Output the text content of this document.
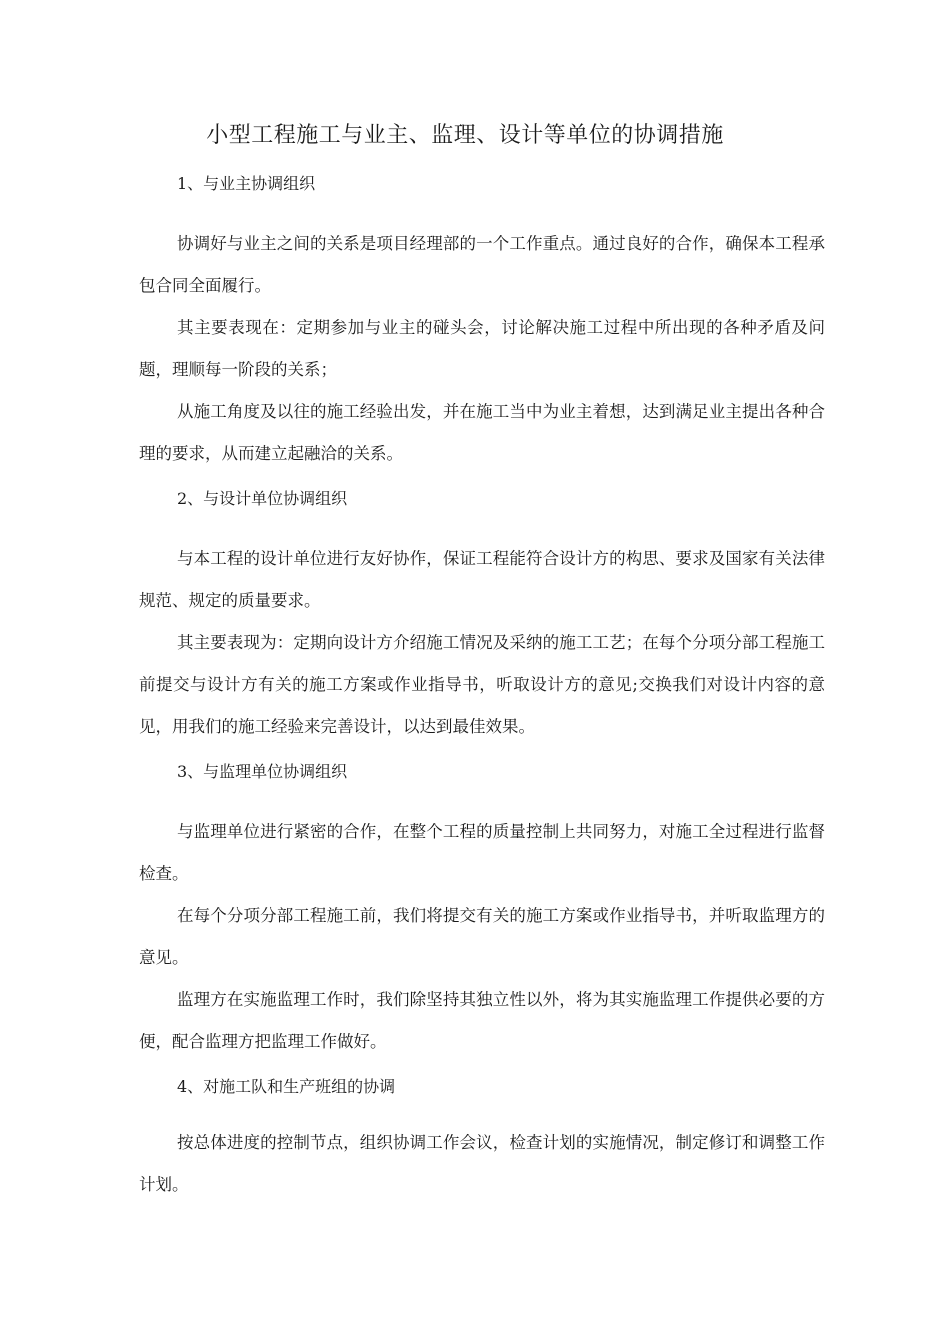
小型工程施工与业主、监理、设计等单位的协调措施
1、与业主协调组织

协调好与业主之间的关系是项目经理部的一个工作重点。通过良好的合作，确保本工程承包合同全面履行。

其主要表现在：定期参加与业主的碰头会，讨论解决施工过程中所出现的各种矛盾及问题，理顺每一阶段的关系；

从施工角度及以往的施工经验出发，并在施工当中为业主着想，达到满足业主提出各种合理的要求，从而建立起融洽的关系。

2、与设计单位协调组织

与本工程的设计单位进行友好协作，保证工程能符合设计方的构思、要求及国家有关法律规范、规定的质量要求。

其主要表现为：定期向设计方介绍施工情况及采纳的施工工艺；在每个分项分部工程施工前提交与设计方有关的施工方案或作业指导书，听取设计方的意见;交换我们对设计内容的意见，用我们的施工经验来完善设计，以达到最佳效果。

3、与监理单位协调组织

与监理单位进行紧密的合作，在整个工程的质量控制上共同努力，对施工全过程进行监督检查。

在每个分项分部工程施工前，我们将提交有关的施工方案或作业指导书，并听取监理方的意见。

监理方在实施监理工作时，我们除坚持其独立性以外，将为其实施监理工作提供必要的方便，配合监理方把监理工作做好。

4、对施工队和生产班组的协调

按总体进度的控制节点，组织协调工作会议，检查计划的实施情况，制定修订和调整工作计划。
